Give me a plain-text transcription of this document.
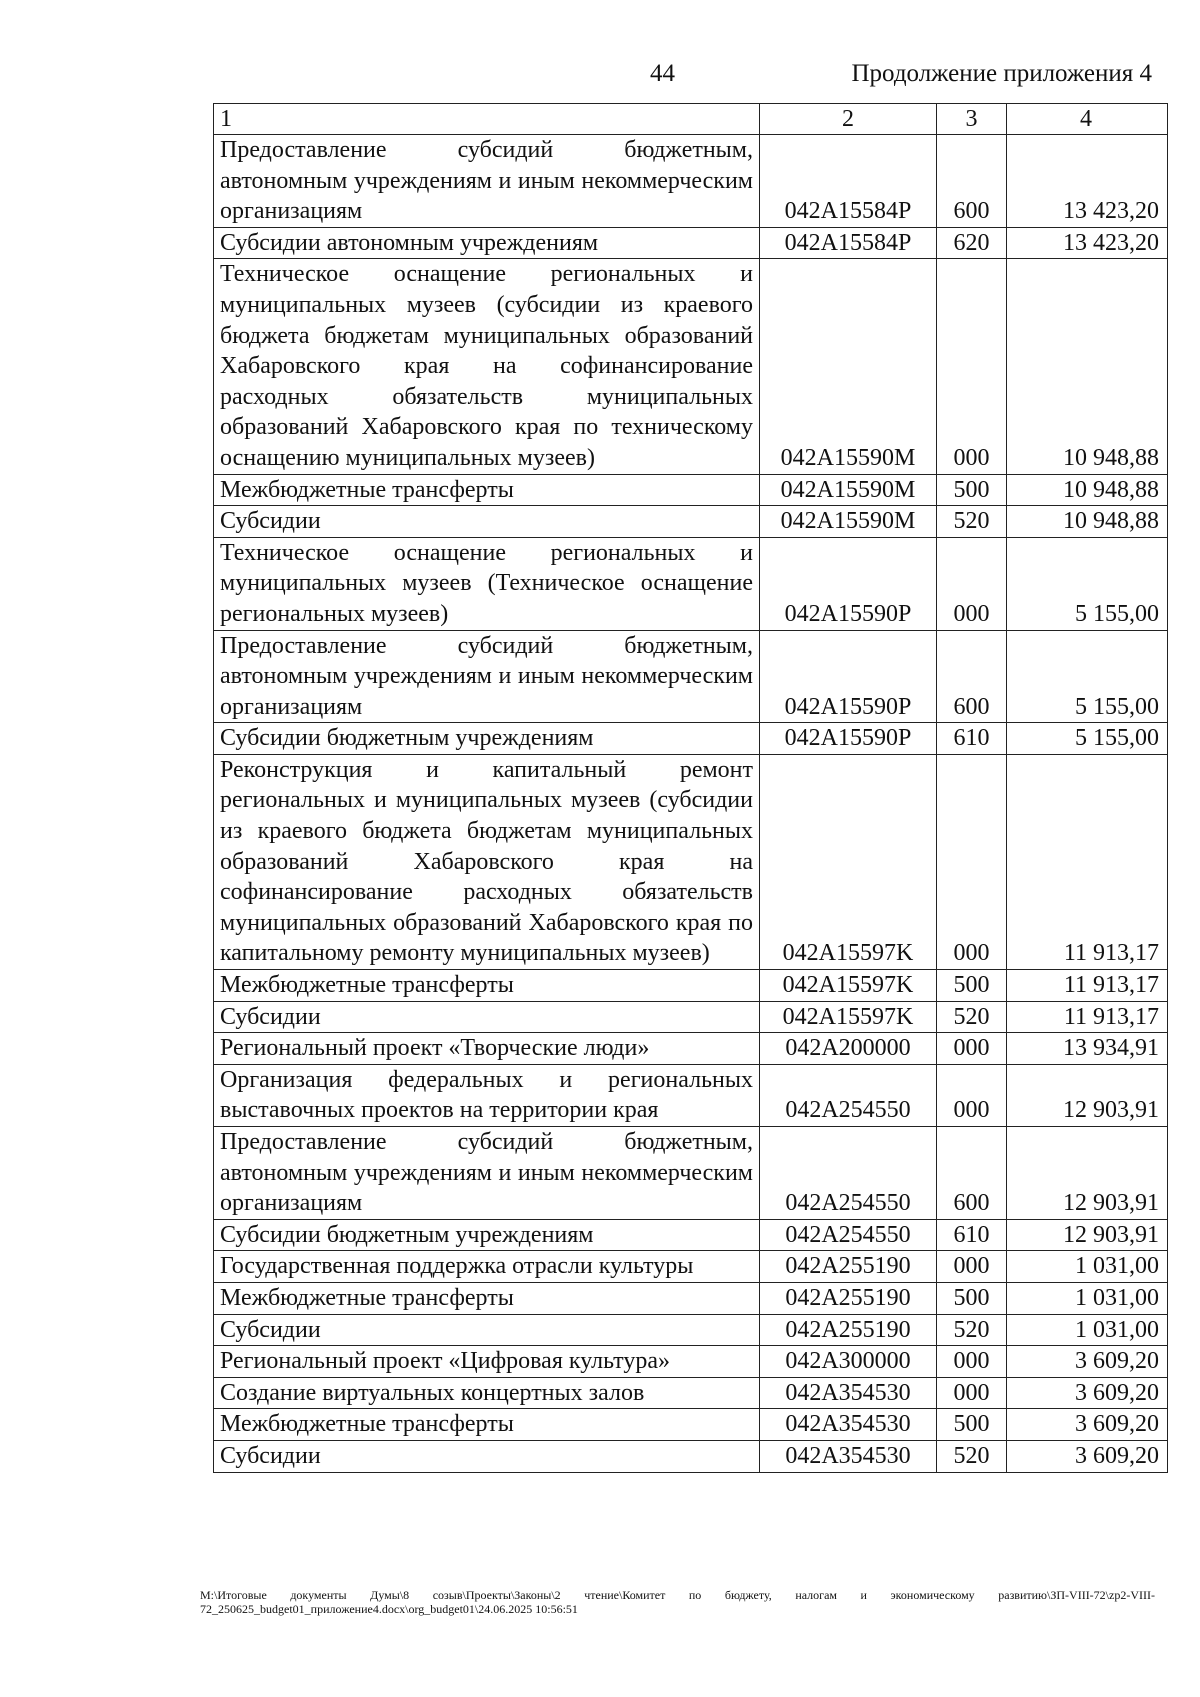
44	Продолжение приложения 4
1	2	3	4
Предоставление субсидий бюджетным, автономным учреждениям и иным некоммерческим организациям	042A15584P	600	13 423,20
Субсидии автономным учреждениям	042A15584P	620	13 423,20
Техническое оснащение региональных и муниципальных музеев (субсидии из краевого бюджета бюджетам муниципальных образований Хабаровского края на софинансирование расходных обязательств муниципальных образований Хабаровского края по техническому оснащению муниципальных музеев)	042A15590M	000	10 948,88
Межбюджетные трансферты	042A15590M	500	10 948,88
Субсидии	042A15590M	520	10 948,88
Техническое оснащение региональных и муниципальных музеев (Техническое оснащение региональных музеев)	042A15590P	000	5 155,00
Предоставление субсидий бюджетным, автономным учреждениям и иным некоммерческим организациям	042A15590P	600	5 155,00
Субсидии бюджетным учреждениям	042A15590P	610	5 155,00
Реконструкция и капитальный ремонт региональных и муниципальных музеев (субсидии из краевого бюджета бюджетам муниципальных образований Хабаровского края на софинансирование расходных обязательств муниципальных образований Хабаровского края по капитальному ремонту муниципальных музеев)	042A15597K	000	11 913,17
Межбюджетные трансферты	042A15597K	500	11 913,17
Субсидии	042A15597K	520	11 913,17
Региональный проект «Творческие люди»	042A200000	000	13 934,91
Организация федеральных и региональных выставочных проектов на территории края	042A254550	000	12 903,91
Предоставление субсидий бюджетным, автономным учреждениям и иным некоммерческим организациям	042A254550	600	12 903,91
Субсидии бюджетным учреждениям	042A254550	610	12 903,91
Государственная поддержка отрасли культуры	042A255190	000	1 031,00
Межбюджетные трансферты	042A255190	500	1 031,00
Субсидии	042A255190	520	1 031,00
Региональный проект «Цифровая культура»	042A300000	000	3 609,20
Создание виртуальных концертных залов	042A354530	000	3 609,20
Межбюджетные трансферты	042A354530	500	3 609,20
Субсидии	042A354530	520	3 609,20
М:\Итоговые документы Думы\8 созыв\Проекты\Законы\2 чтение\Комитет по бюджету, налогам и экономическому развитию\ЗП-VIII-72\zp2-VIII-72_250625_budget01_приложение4.docx\org_budget01\24.06.2025 10:56:51
